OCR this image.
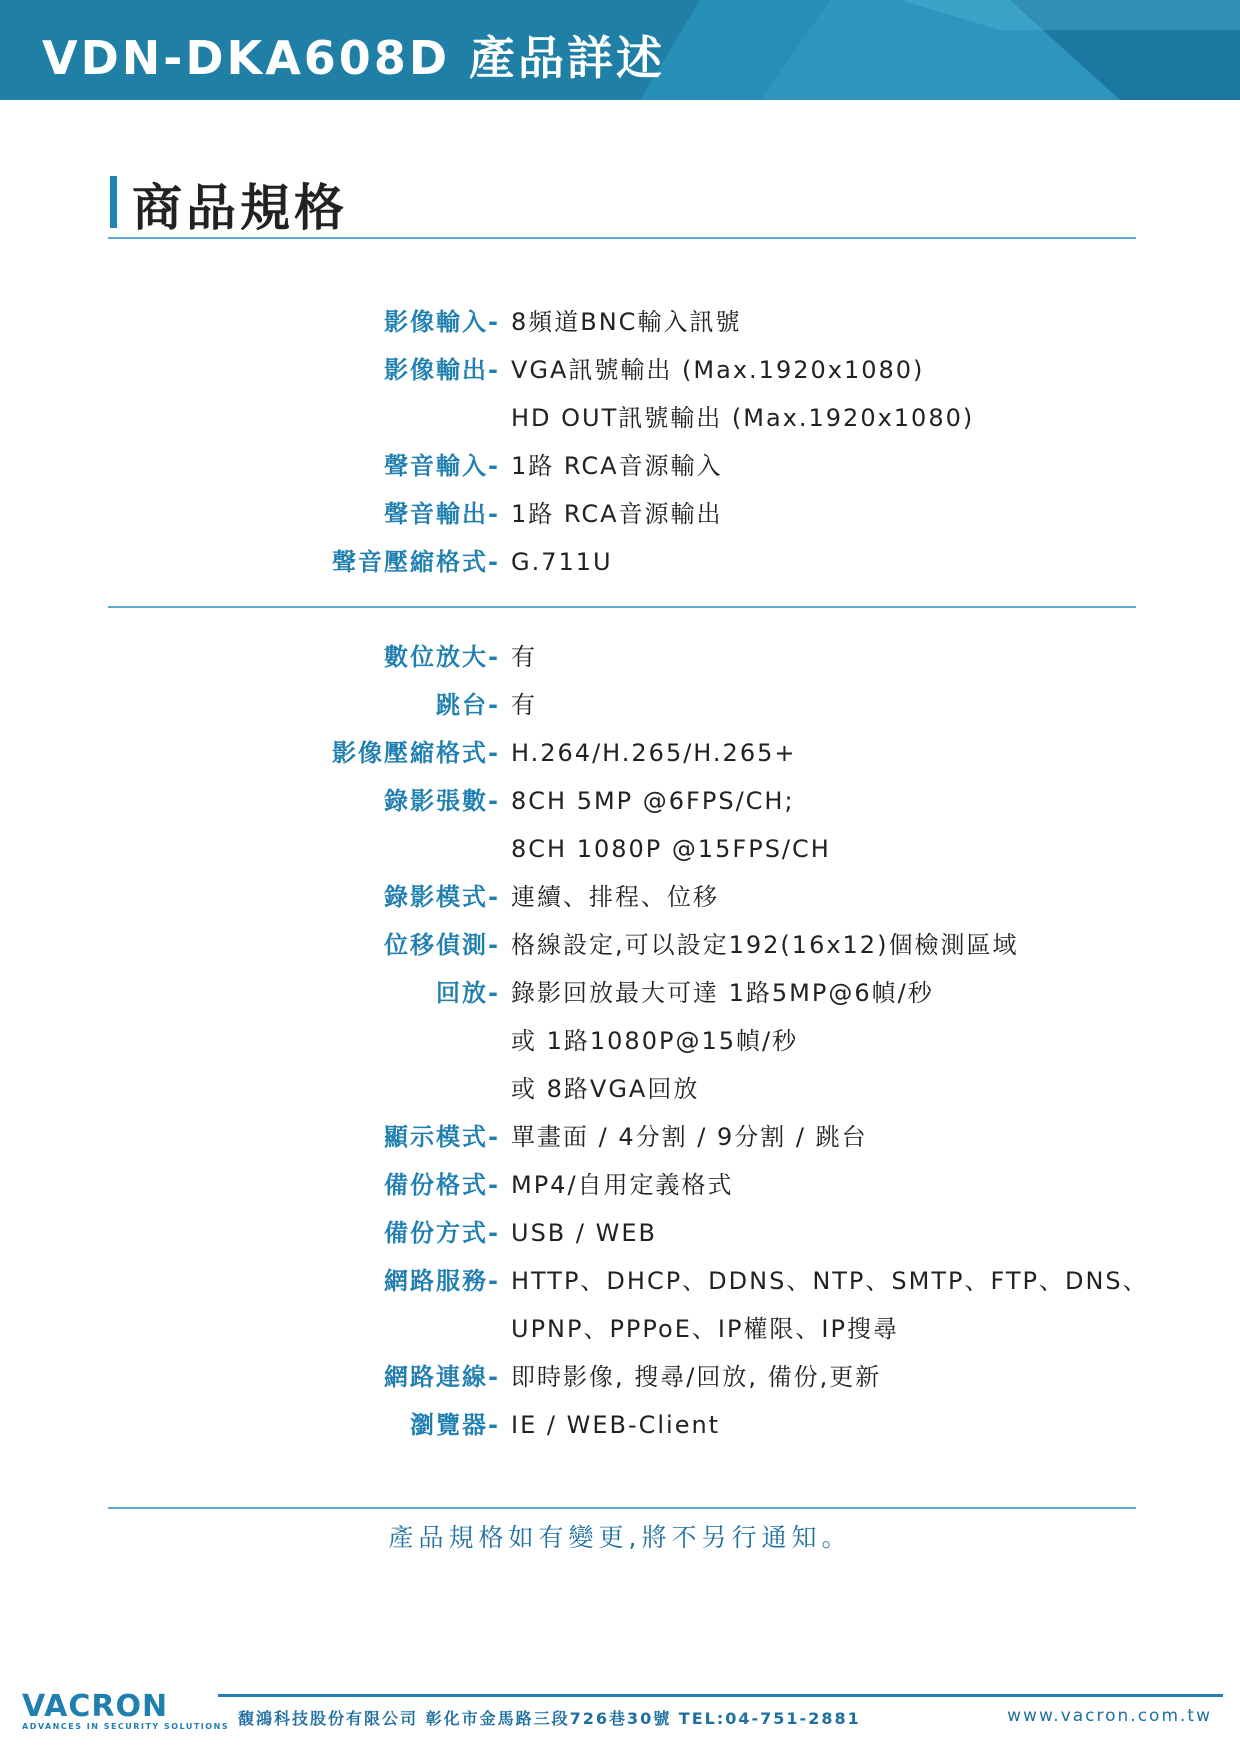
VDN-DKA608D 產品詳述
商品規格
影像輸入- 8頻道BNC輸入訊號
影像輸出- VGA訊號輸出 (Max.1920x1080)
HD OUT訊號輸出 (Max.1920x1080)
聲音輸入- 1路 RCA音源輸入
聲音輸出- 1路 RCA音源輸出
聲音壓縮格式- G.711U
數位放大- 有
跳台- 有
影像壓縮格式- H.264/H.265/H.265+
錄影張數- 8CH 5MP @6FPS/CH;
8CH 1080P @15FPS/CH
錄影模式- 連續、排程、位移
位移偵測- 格線設定,可以設定192(16x12)個檢測區域
回放- 錄影回放最大可達 1路5MP@6幀/秒
或 1路1080P@15幀/秒
或 8路VGA回放
顯示模式- 單畫面 / 4分割 / 9分割 / 跳台
備份格式- MP4/自用定義格式
備份方式- USB / WEB
網路服務- HTTP、DHCP、DDNS、NTP、SMTP、FTP、DNS、
UPNP、PPPoE、IP權限、IP搜尋
網路連線- 即時影像, 搜尋/回放, 備份,更新
瀏覽器- IE / WEB-Client
產品規格如有變更,將不另行通知。
VACRON
ADVANCES IN SECURITY SOLUTIONS 馥鴻科技股份有限公司 彰化市金馬路三段726巷30號 TEL:04-751-2881	www.vacron.com.tw
